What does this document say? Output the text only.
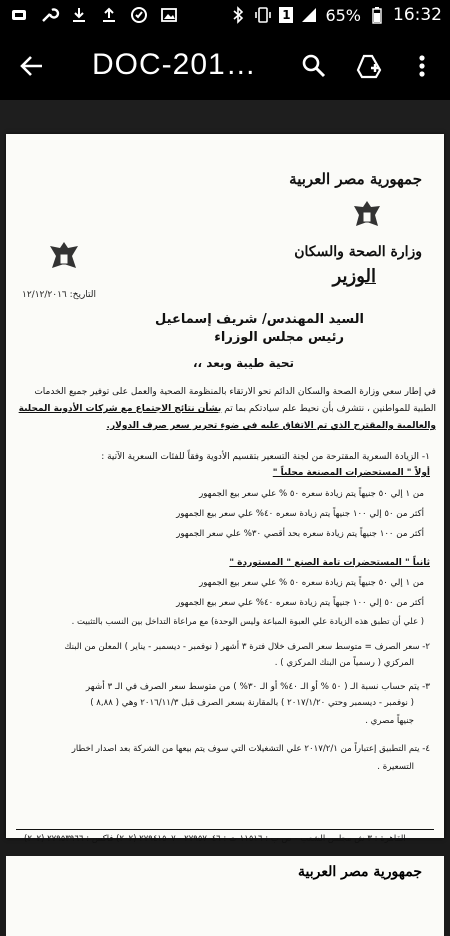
1 65% 16:32
DOC-201…
جمهورية مصر العربية
وزارة الصحة والسكان
الوزير
التاريخ: ١٢/١٢/٢٠١٦
السيد المهندس/ شريف إسماعيل
رئيس مجلس الوزراء
تحية طيبة وبعد ،،
في إطار سعي وزارة الصحة والسكان الدائم نحو الارتقاء بالمنظومة الصحية والعمل على توفير جميع الخدمات الطبية للمواطنين ، نتشرف بأن نحيط علم سيادتكم بما تم بشأن نتائج الاجتماع مع شركات الأدوية المحلية والعالمية والمقترح الذي تم الاتفاق عليه في ضوء تحرير سعر صرف الدولار.
١- الزيادة السعرية المقترحة من لجنة التسعير بتقسيم الأدوية وفقاً للفئات السعرية الآتية :
أولاً " المستحضرات المصنعة محلياً "
من ١ إلي ٥٠ جنيهاً يتم زيادة سعره ٥٠ % علي سعر بيع الجمهور
أكثر من ٥٠ إلي ١٠٠ جنيهاً يتم زيادة سعره ٤٠% علي سعر بيع الجمهور
أكثر من ١٠٠ جنيهاً يتم زيادة سعره بحد أقصي ٣٠% علي سعر الجمهور
ثانياً " المستحضرات تامة الصنع " المستوردة "
من ١ إلي ٥٠ جنيهاً يتم زيادة سعره ٥٠ % علي سعر بيع الجمهور
أكثر من ٥٠ إلي ١٠٠ جنيهاً يتم زيادة سعره ٤٠% علي سعر بيع الجمهور
( علي أن تطبق هذه الزيادة علي العبوة المباعة وليس الوحدة) مع مراعاة التداخل بين النسب بالتثبيت .
٢- سعر الصرف = متوسط سعر الصرف خلال فترة ٣ أشهر ( نوفمبر - ديسمبر - يناير ) المعلن من البنك
المركزي ( رسمياً من البنك المركزي ) .
٣- يتم حساب نسبة الـ ( ٥٠ % أو الـ ٤٠% أو الـ ٣٠% ) من متوسط سعر الصرف في الـ ٣ أشهر
( نوفمبر - ديسمبر وحتي ٢٠١٧/١/٢٠ ) بالمقارنة بسعر الصرف قبل ٢٠١٦/١١/٣ وهي ( ٨,٨٨ )
جنيهاً مصري .
٤- يتم التطبيق إعتباراً من ٢٠١٧/٢/١ علي التشغيلات التي سوف يتم بيعها من الشركة بعد اصدار اخطار
التسعيرة .
القاهرة : ٣ ش مجلس الشعب - ص ب : ١١٥١٦ ت : ٢٧٩٥٧٠٤٦ - ٢٧٩٤١٥٠٧ (٢٠٢) فاكس : ٢٧٩٥٣٩٦٦ (٢٠٢)
جمهورية مصر العربية
